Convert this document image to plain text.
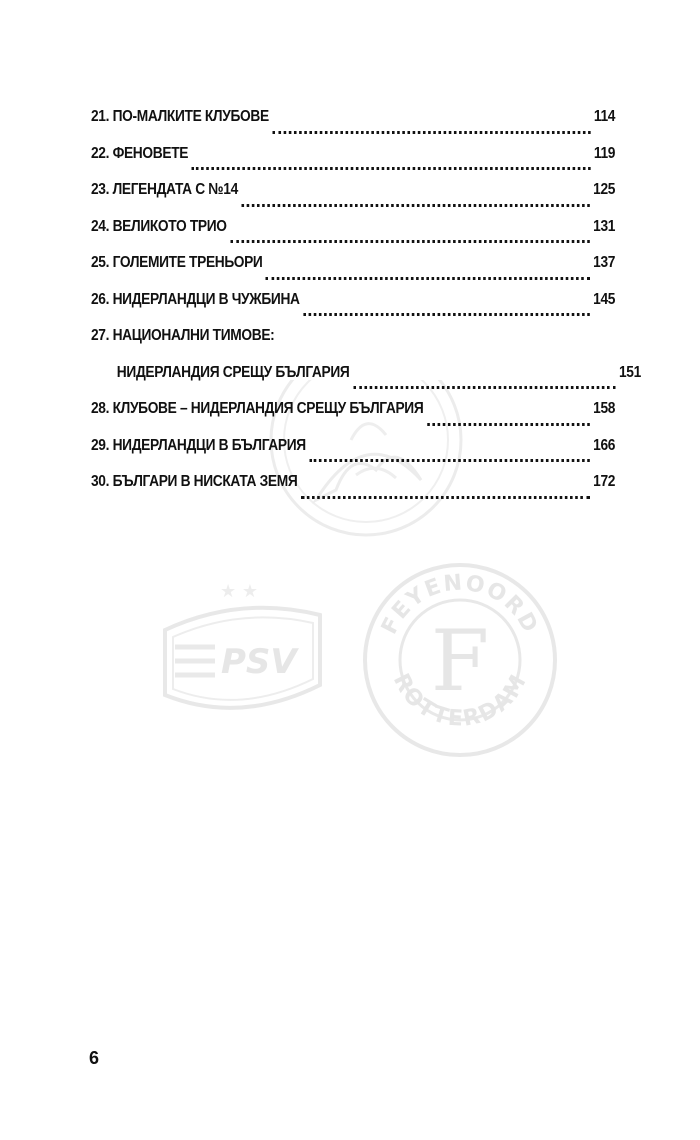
★ ★
PSV
FEYENOORD
ROTTERDAM
F
21. ПО-МАЛКИТЕ КЛУБОВЕ	114
22. ФЕНОВЕТЕ	119
23. ЛЕГЕНДАТА С №14	125
24. ВЕЛИКОТО ТРИО	131
25. ГОЛЕМИТЕ ТРЕНЬОРИ	137
26. НИДЕРЛАНДЦИ В ЧУЖБИНА	145
27. НАЦИОНАЛНИ ТИМОВЕ:
НИДЕРЛАНДИЯ СРЕЩУ БЪЛГАРИЯ	151
28. КЛУБОВЕ – НИДЕРЛАНДИЯ СРЕЩУ БЪЛГАРИЯ	158
29. НИДЕРЛАНДЦИ В БЪЛГАРИЯ	166
30. БЪЛГАРИ В НИСКАТА ЗЕМЯ	172
6
